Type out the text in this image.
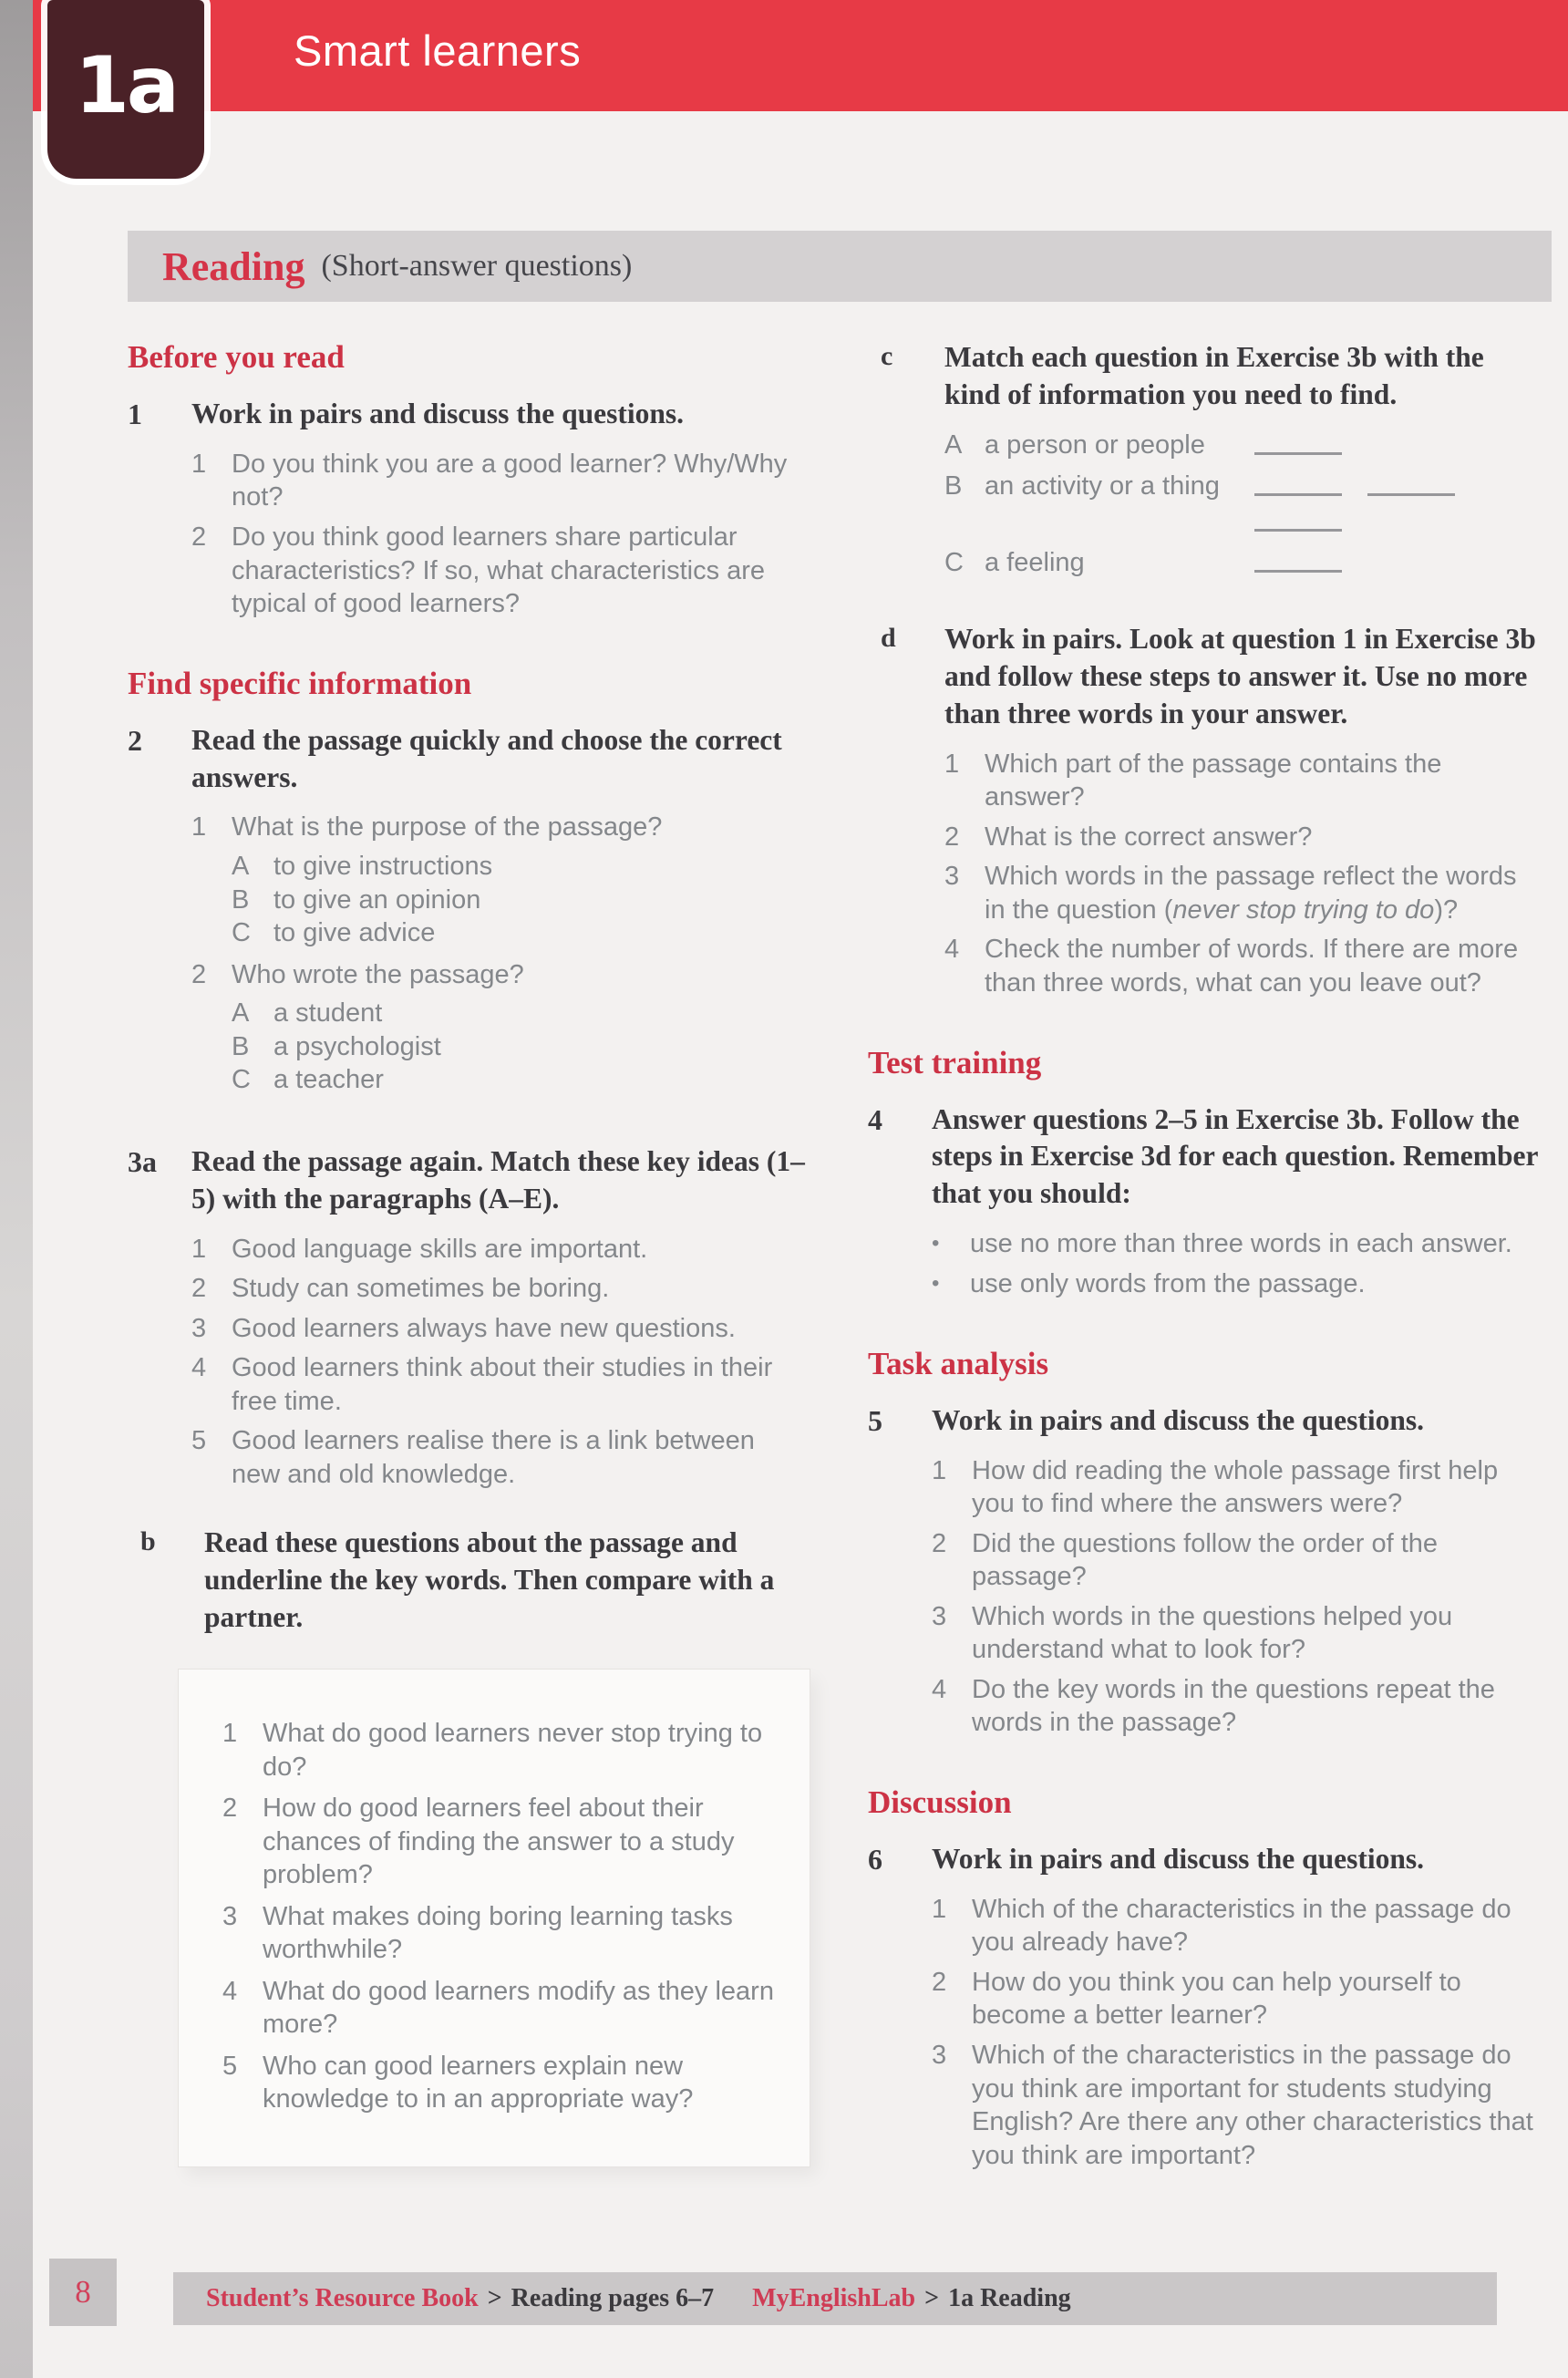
Smart learners
1a
Reading (Short-answer questions)
Before you read
1	Work in pairs and discuss the questions.

1 Do you think you are a good learner? Why/Why not?
2 Do you think good learners share particular characteristics? If so, what characteristics are typical of good learners?
Find specific information
2	Read the passage quickly and choose the correct answers.

1 What is the purpose of the passage?
A to give instructions
B to give an opinion
C to give advice
2 Who wrote the passage?
A a student
B a psychologist
C a teacher
3a	Read the passage again. Match these key ideas (1–5) with the paragraphs (A–E).

1 Good language skills are important.
2 Study can sometimes be boring.
3 Good learners always have new questions.
4 Good learners think about their studies in their free time.
5 Good learners realise there is a link between new and old knowledge.
b	Read these questions about the passage and underline the key words. Then compare with a partner.

1 What do good learners never stop trying to do?
2 How do good learners feel about their chances of finding the answer to a study problem?
3 What makes doing boring learning tasks worthwhile?
4 What do good learners modify as they learn more?
5 Who can good learners explain new knowledge to in an appropriate way?
c	Match each question in Exercise 3b with the kind of information you need to find.

A a person or people
B an activity or a thing
C a feeling
d	Work in pairs. Look at question 1 in Exercise 3b and follow these steps to answer it. Use no more than three words in your answer.

1 Which part of the passage contains the answer?
2 What is the correct answer?
3 Which words in the passage reflect the words in the question (never stop trying to do)?
4 Check the number of words. If there are more than three words, what can you leave out?
Test training
4	Answer questions 2–5 in Exercise 3b. Follow the steps in Exercise 3d for each question. Remember that you should:

•	use no more than three words in each answer.
•	use only words from the passage.
Task analysis
5	Work in pairs and discuss the questions.

1 How did reading the whole passage first help you to find where the answers were?
2 Did the questions follow the order of the passage?
3 Which words in the questions helped you understand what to look for?
4 Do the key words in the questions repeat the words in the passage?
Discussion
6	Work in pairs and discuss the questions.

1 Which of the characteristics in the passage do you already have?
2 How do you think you can help yourself to become a better learner?
3 Which of the characteristics in the passage do you think are important for students studying English? Are there any other characteristics that you think are important?
8	Student’s Resource Book > Reading pages 6–7 MyEnglishLab > 1a Reading
